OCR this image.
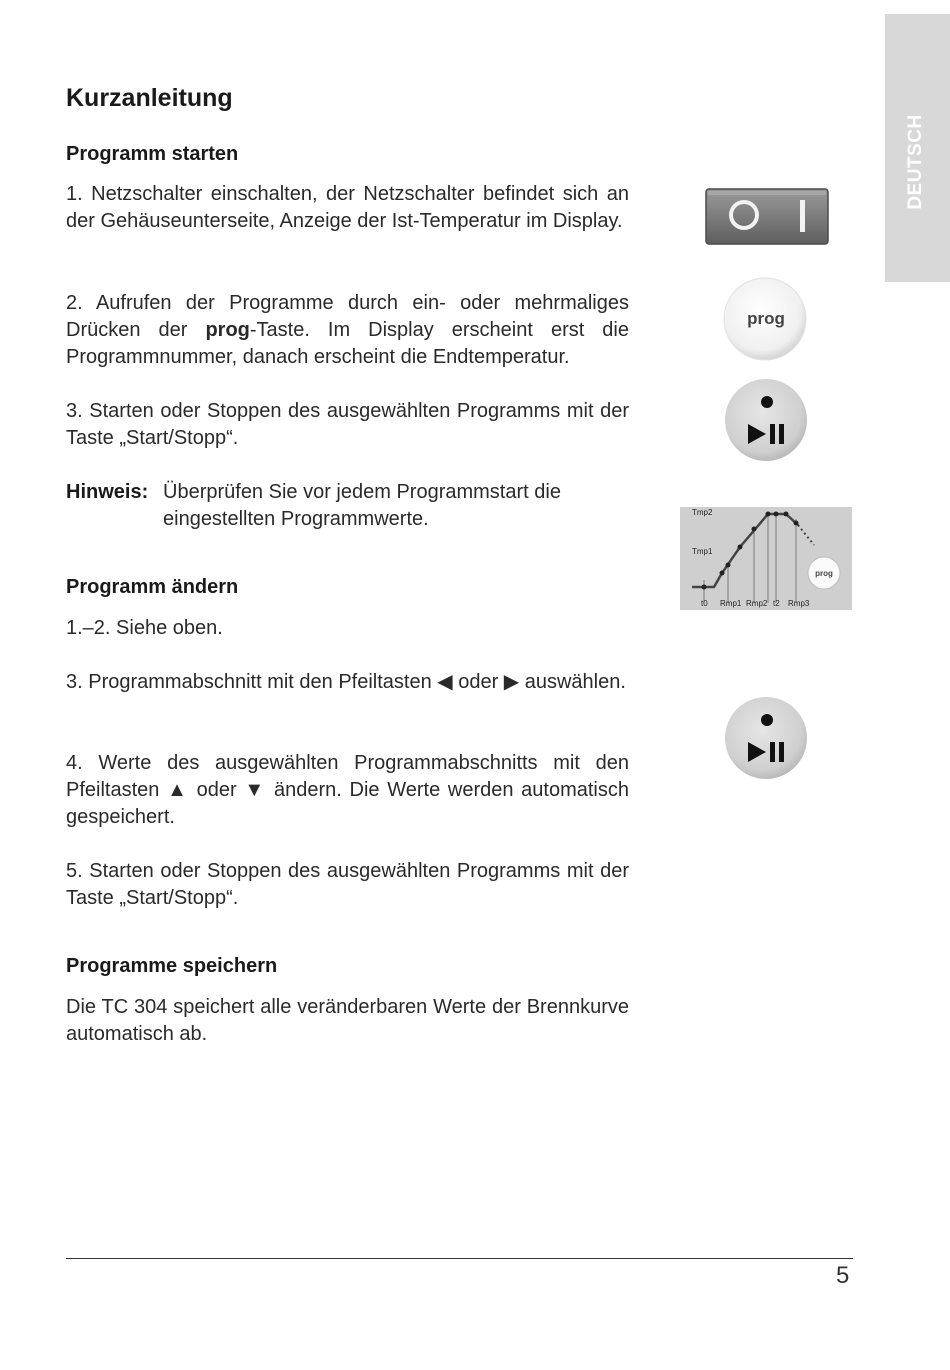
DEUTSCH
Kurzanleitung
Programm starten

1. Netzschalter einschalten, der Netzschalter befindet sich an der Gehäuseunterseite, Anzeige der Ist-Temperatur im Display.

2. Aufrufen der Programme durch ein- oder mehrmaliges Drücken der prog-Taste. Im Display erscheint erst die Programmnummer, danach erscheint die Endtemperatur.

3. Starten oder Stoppen des ausgewählten Programms mit der Taste „Start/Stopp“.

Hinweis: Überprüfen Sie vor jedem Programmstart die eingestellten Programmwerte.
Programm ändern

1.–2. Siehe oben.

3. Programmabschnitt mit den Pfeiltasten ◀ oder ▶ auswählen.

4. Werte des ausgewählten Programmabschnitts mit den Pfeiltasten ▲ oder ▼ ändern. Die Werte werden automatisch gespeichert.

5. Starten oder Stoppen des ausgewählten Programms mit der Taste „Start/Stopp“.

Programme speichern

Die TC 304 speichert alle veränderbaren Werte der Brennkurve automatisch ab.

prog
Tmp2
Tmp1
t0 Rmp1 Rmp2 t2 Rmp3
prog
5
